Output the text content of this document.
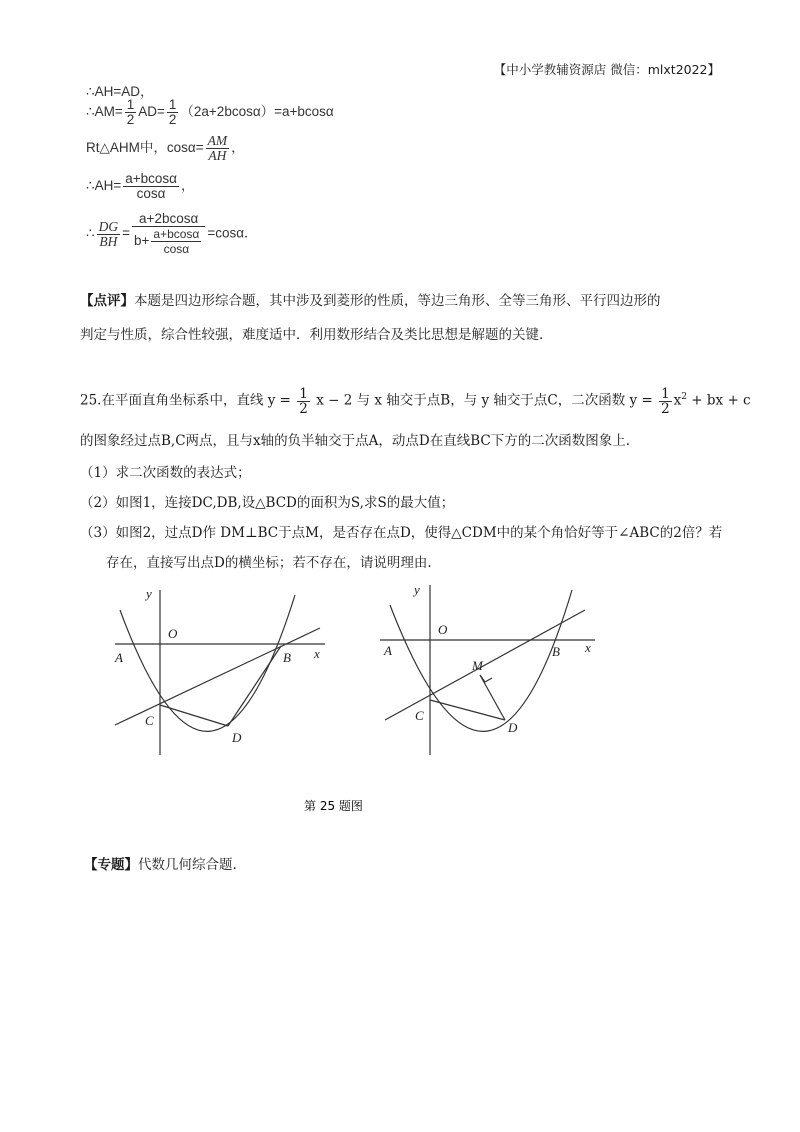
【中小学教辅资源店 微信：mlxt2022】
∴AH=AD，
∴AM= $\frac{1}{2} AD= \frac{1}{2} (2a+2bcos\alpha)=a+bcos\alpha$
Rt△AHM中，$\cos\alpha= \frac{AM}{AH}$ ，
∴AH= $\frac{a+bcos\alpha}{\cos\alpha}$ ，
∴ $\frac{DG}{BH} = \frac{a+2bcos\alpha}{b+ \frac{a+bcos\alpha}{\cos\alpha}} =\cos\alpha$．
【点评】本题是四边形综合题，其中涉及到菱形的性质，等边三角形、全等三角形、平行四边形的
判定与性质，综合性较强，难度适中．利用数形结合及类比思想是解题的关键．
25.在平面直角坐标系中，直线 $y = \frac{1}{2}$ x − 2 与 x 轴交于点B，与 y 轴交于点C，二次函数 $y = \frac{1}{2} x^2$ + bx + c
的图象经过点B,C两点，且与x轴的负半轴交于点A，动点D在直线BC下方的二次函数图象上.
（1）求二次函数的表达式；
（2）如图1，连接DC,DB,设△BCD的面积为S,求S的最大值；
（3）如图2，过点D作 DM⊥BC于点M，是否存在点D，使得△CDM中的某个角恰好等于∠ABC的2倍？若
存在，直接写出点D的横坐标；若不存在，请说明理由.
y
O
A	B x
C
D
图 1
y
O
A	B x
M
C
D
图 2
第 25 题图
【专题】代数几何综合题.
